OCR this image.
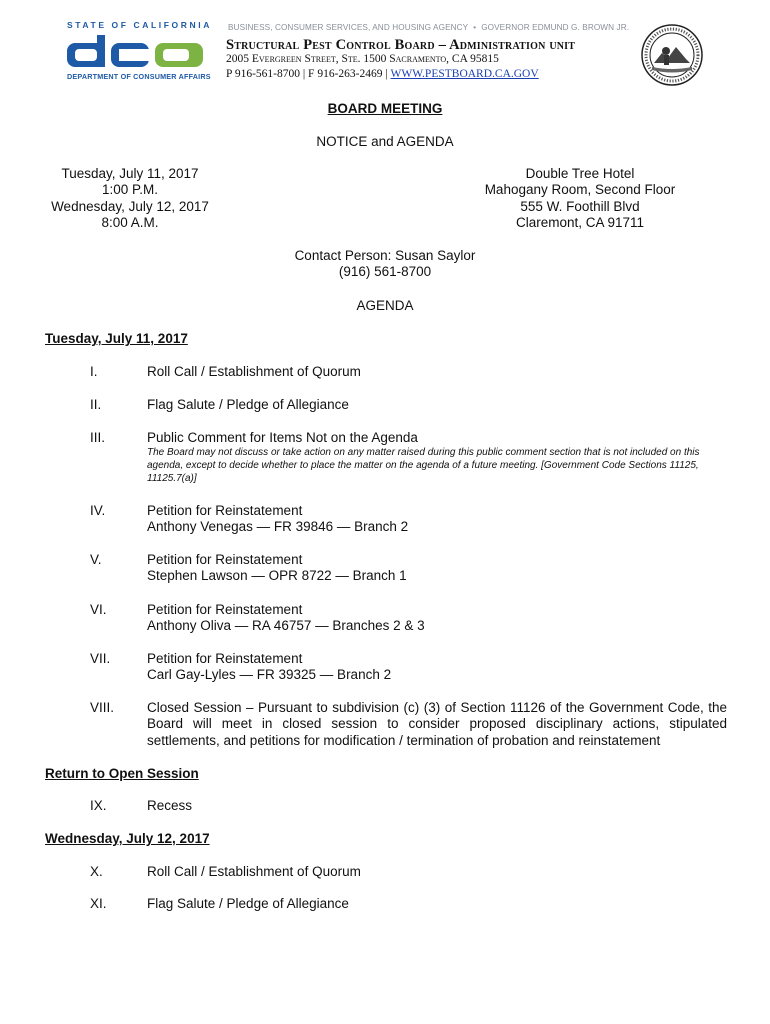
STATE OF CALIFORNIA
DEPARTMENT OF CONSUMER AFFAIRS
BUSINESS, CONSUMER SERVICES, AND HOUSING AGENCY • GOVERNOR EDMUND G. BROWN JR.
Structural Pest Control Board – Administration unit
2005 Evergreen Street, Ste. 1500 Sacramento, CA 95815
P 916-561-8700 | F 916-263-2469 | WWW.PESTBOARD.CA.GOV
BOARD MEETING
NOTICE and AGENDA
Tuesday, July 11, 2017
1:00 P.M.
Wednesday, July 12, 2017
8:00 A.M.
Double Tree Hotel
Mahogany Room, Second Floor
555 W. Foothill Blvd
Claremont, CA 91711
Contact Person: Susan Saylor
(916) 561-8700
AGENDA
Tuesday, July 11, 2017
I.	Roll Call / Establishment of Quorum
II.	Flag Salute / Pledge of Allegiance
III.	Public Comment for Items Not on the Agenda
The Board may not discuss or take action on any matter raised during this public comment section that is not included on this agenda, except to decide whether to place the matter on the agenda of a future meeting. [Government Code Sections 11125, 11125.7(a)]
IV.	Petition for Reinstatement
Anthony Venegas — FR 39846 — Branch 2
V.	Petition for Reinstatement
Stephen Lawson — OPR 8722 — Branch 1
VI.	Petition for Reinstatement
Anthony Oliva — RA 46757 — Branches 2 & 3
VII.	Petition for Reinstatement
Carl Gay-Lyles — FR 39325 — Branch 2
VIII. Closed Session – Pursuant to subdivision (c) (3) of Section 11126 of the Government Code, the Board will meet in closed session to consider proposed disciplinary actions, stipulated settlements, and petitions for modification / termination of probation and reinstatement
Return to Open Session
IX.	Recess
Wednesday, July 12, 2017
X.	Roll Call / Establishment of Quorum
XI.	Flag Salute / Pledge of Allegiance
